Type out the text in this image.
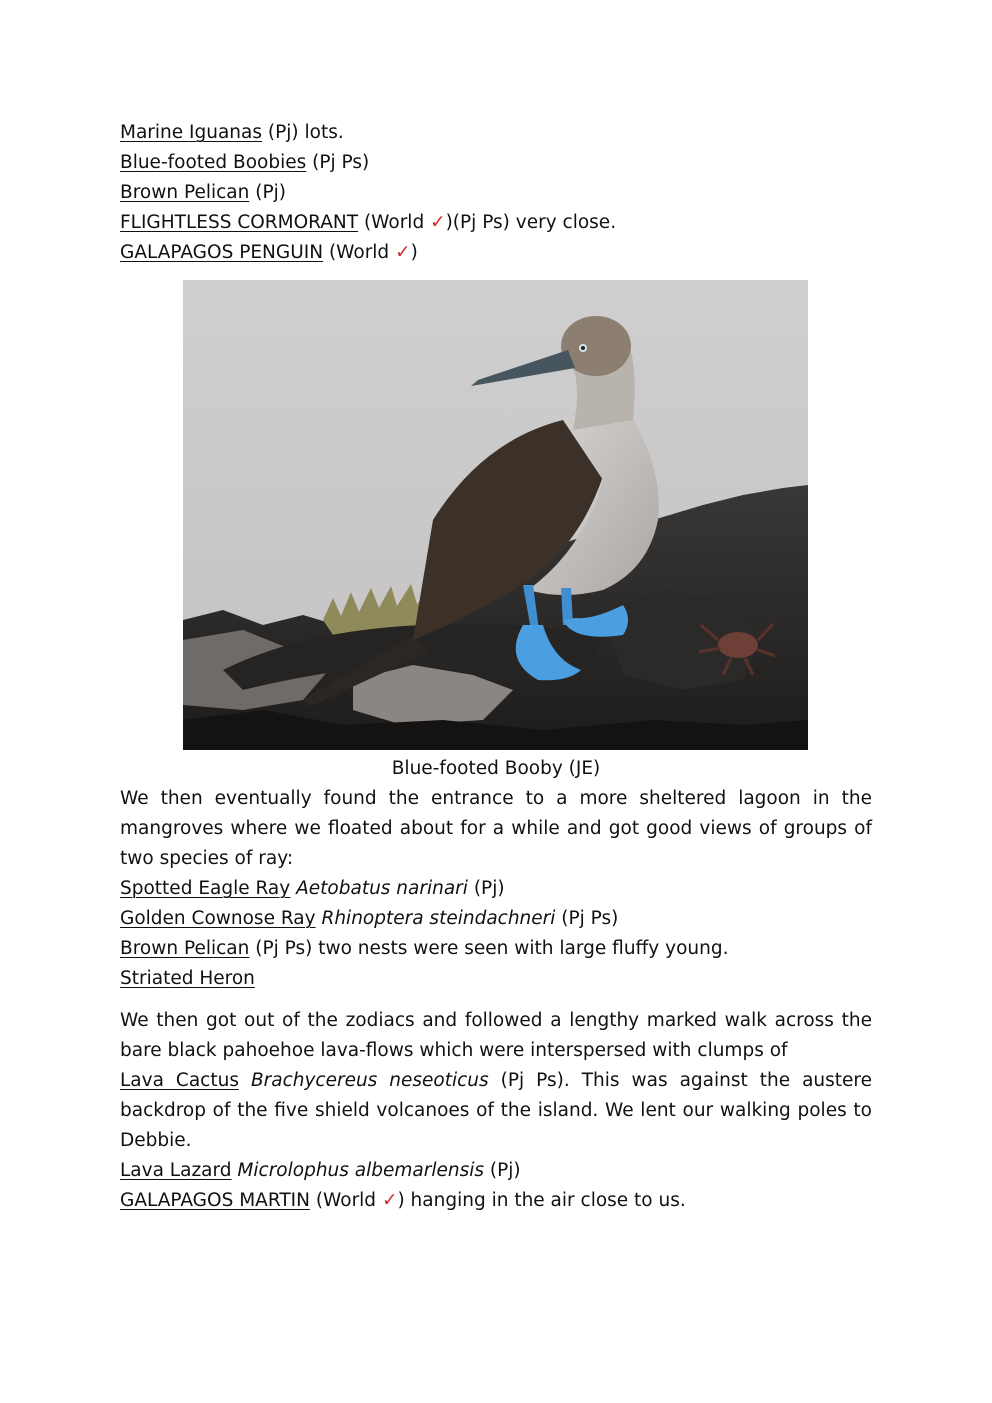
Marine Iguanas (Pj) lots.
Blue-footed Boobies (Pj Ps)
Brown Pelican (Pj)
FLIGHTLESS CORMORANT (World ✓)(Pj Ps) very close.
GALAPAGOS PENGUIN (World ✓)
Blue-footed Booby (JE)
We then eventually found the entrance to a more sheltered lagoon in the mangroves where we floated about for a while and got good views of groups of two species of ray:
Spotted Eagle Ray Aetobatus narinari (Pj)
Golden Cownose Ray Rhinoptera steindachneri (Pj Ps)
Brown Pelican (Pj Ps) two nests were seen with large fluffy young.
Striated Heron
We then got out of the zodiacs and followed a lengthy marked walk across the bare black pahoehoe lava-flows which were interspersed with clumps of
Lava Cactus Brachycereus neseoticus (Pj Ps). This was against the austere backdrop of the five shield volcanoes of the island. We lent our walking poles to Debbie.
Lava Lazard Microlophus albemarlensis (Pj)
GALAPAGOS MARTIN (World ✓) hanging in the air close to us.
